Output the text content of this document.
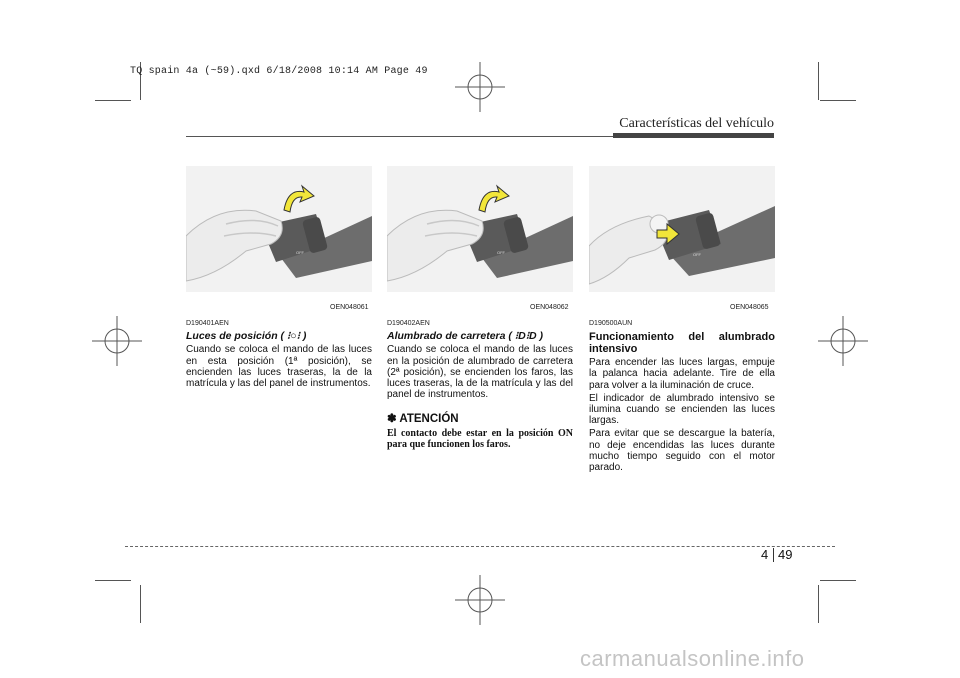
TQ spain 4a (~59).qxd 6/18/2008 10:14 AM Page 49
Características del vehículo
OFF
OEN048061
D190401AEN
Luces de posición ( ⁝○⁝ )
Cuando se coloca el mando de las luces en esta posición (1ª posición), se encienden las luces traseras, la de la matrícula y las del panel de instrumentos.
OFF
OEN048062
D190402AEN
Alumbrado de carretera ( ⁝D⁝D )
Cuando se coloca el mando de las luces en la posición de alumbrado de carretera (2ª posición), se encienden los faros, las luces traseras, la de la matrícula y las del panel de instrumentos.
✽ ATENCIÓN
El contacto debe estar en la posición ON para que funcionen los faros.
OFF
OEN048065
D190500AUN
Funcionamiento del alumbrado intensivo
Para encender las luces largas, empuje la palanca hacia adelante. Tire de ella para volver a la iluminación de cruce.
El indicador de alumbrado intensivo se ilumina cuando se encienden las luces largas.
Para evitar que se descargue la batería, no deje encendidas las luces durante mucho tiempo seguido con el motor parado.
4 49
carmanualsonline.info
